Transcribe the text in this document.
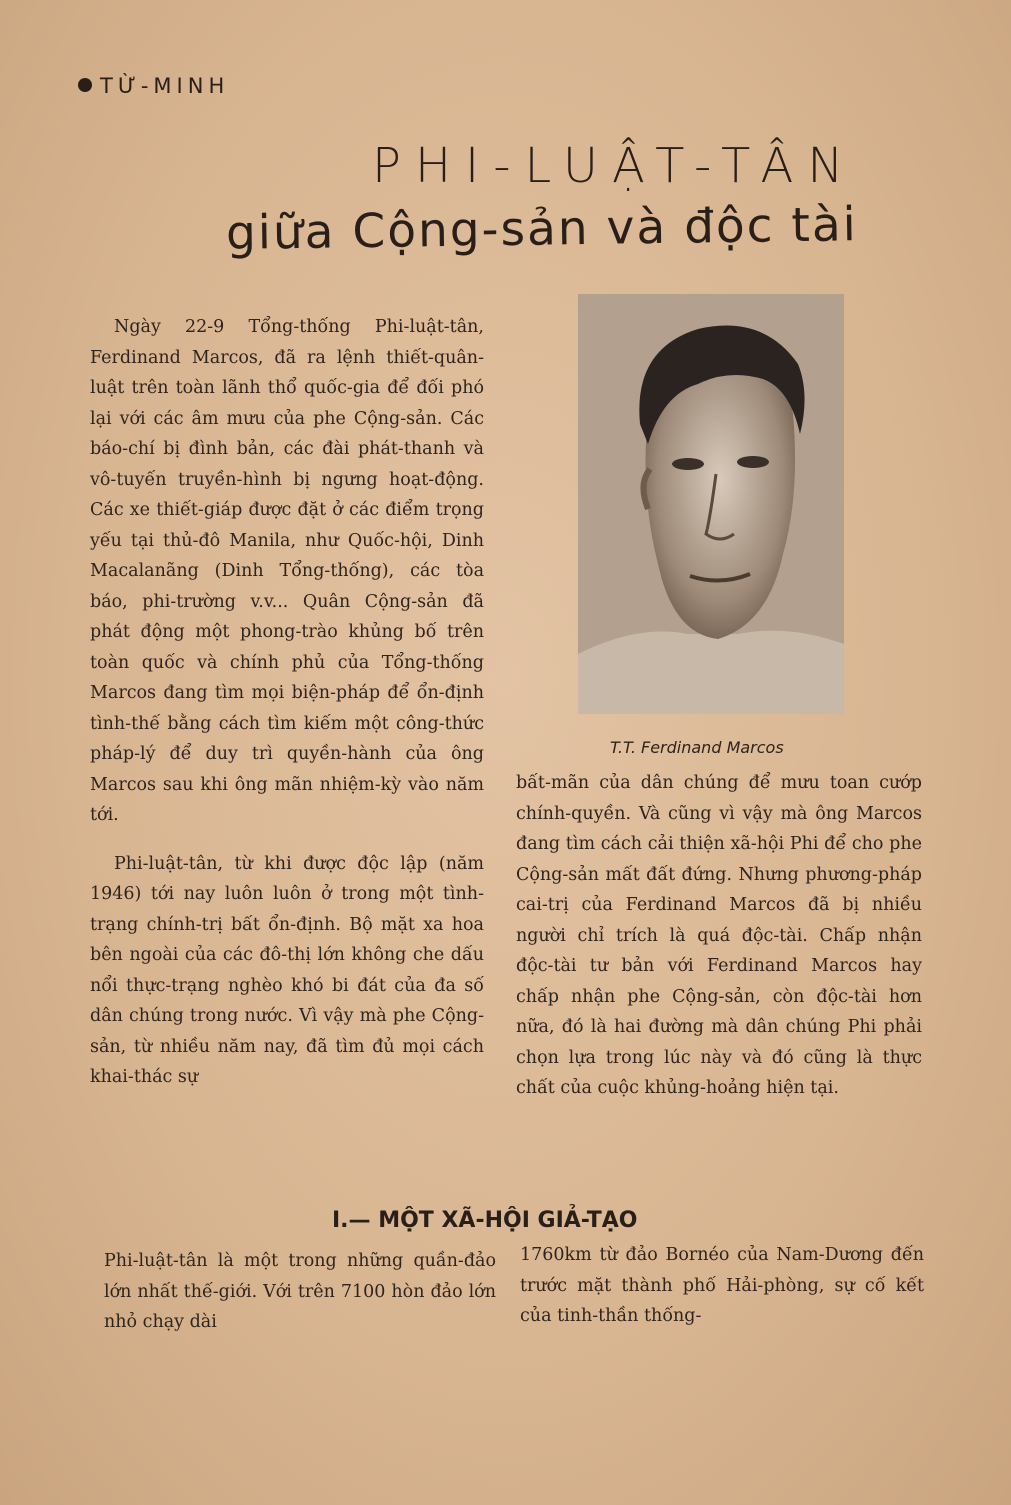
TỪ-MINH
PHI-LUẬT-TÂN
giữa Cộng-sản và độc tài

Ngày 22-9 Tổng-thống Phi-luật-tân, Ferdinand Marcos, đã ra lệnh thiết-quân-luật trên toàn lãnh thổ quốc-gia để đối phó lại với các âm mưu của phe Cộng-sản. Các báo-chí bị đình bản, các đài phát-thanh và vô-tuyến truyền-hình bị ngưng hoạt-động. Các xe thiết-giáp được đặt ở các điểm trọng yếu tại thủ-đô Manila, như Quốc-hội, Dinh Macalanãng (Dinh Tổng-thống), các tòa báo, phi-trường v.v... Quân Cộng-sản đã phát động một phong-trào khủng bố trên toàn quốc và chính phủ của Tổng-thống Marcos đang tìm mọi biện-pháp để ổn-định tình-thế bằng cách tìm kiếm một công-thức pháp-lý để duy trì quyền-hành của ông Marcos sau khi ông mãn nhiệm-kỳ vào năm tới.

Phi-luật-tân, từ khi được độc lập (năm 1946) tới nay luôn luôn ở trong một tình-trạng chính-trị bất ổn-định. Bộ mặt xa hoa bên ngoài của các đô-thị lớn không che dấu nổi thực-trạng nghèo khó bi đát của đa số dân chúng trong nước. Vì vậy mà phe Cộng-sản, từ nhiều năm nay, đã tìm đủ mọi cách khai-thác sự

T.T. Ferdinand Marcos

bất-mãn của dân chúng để mưu toan cướp chính-quyền. Và cũng vì vậy mà ông Marcos đang tìm cách cải thiện xã-hội Phi để cho phe Cộng-sản mất đất đứng. Nhưng phương-pháp cai-trị của Ferdinand Marcos đã bị nhiều người chỉ trích là quá độc-tài. Chấp nhận độc-tài tư bản với Ferdinand Marcos hay chấp nhận phe Cộng-sản, còn độc-tài hơn nữa, đó là hai đường mà dân chúng Phi phải chọn lựa trong lúc này và đó cũng là thực chất của cuộc khủng-hoảng hiện tại.

I.— MỘT XÃ-HỘI GIẢ-TẠO

Phi-luật-tân là một trong những quần-đảo lớn nhất thế-giới. Với trên 7100 hòn đảo lớn nhỏ chạy dài

1760km từ đảo Bornéo của Nam-Dương đến trước mặt thành phố Hải-phòng, sự cố kết của tinh-thần thống-
